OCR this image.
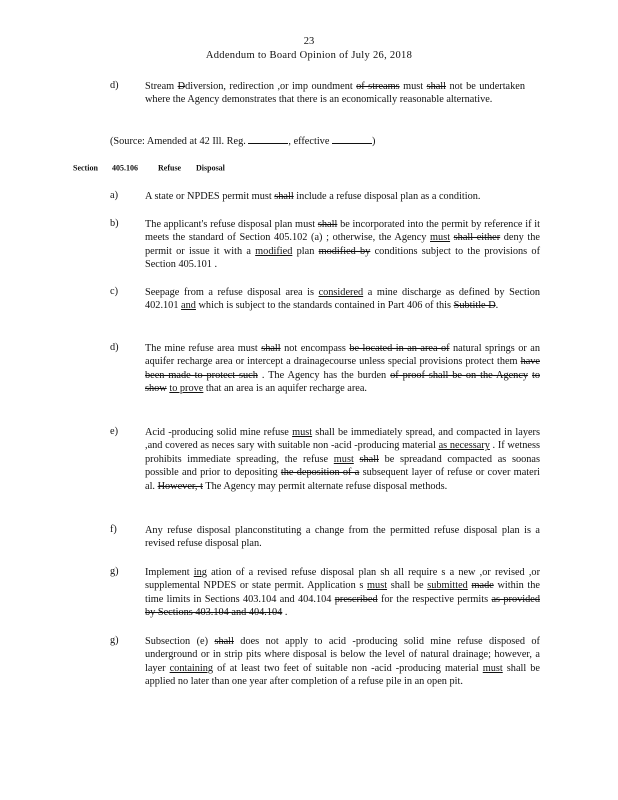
23
Addendum to Board Opinion of July 26, 2018
d)	Stream Ddiversion, redirection ,or imp oundment of streams must shall not be undertaken where the Agency demonstrates that there is an economically reasonable alternative.
(Source: Amended at 42 Ill. Reg.	, effective	)
Section 405.106	Refuse Disposal
a)	A state or NPDES permit must shall include a refuse disposal plan as a condition.
b)	The applicant's refuse disposal plan must shall be incorporated into the permit by reference if it meets the standard of Section 405.102 (a) ; otherwise, the Agency must shall either deny the permit or issue it with a modified plan modified by conditions subject to the provisions of Section 405.101 .
c)	Seepage from a refuse disposal area is considered a mine discharge as defined by Section 402.101 and which is subject to the standards contained in Part 406 of this Subtitle D.
d)	The mine refuse area must shall not encompass be located in an area of natural springs or an aquifer recharge area or intercept a drainagecourse unless special provisions protect them have been made to protect such . The Agency has the burden of proof shall be on the Agency to show to prove that an area is an aquifer recharge area.
e)	Acid -producing solid mine refuse must shall be immediately spread, and compacted in layers ,and covered as neces sary with suitable non -acid -producing material as necessary . If wetness prohibits immediate spreading, the refuse must shall be spreadand compacted as soonas possible and prior to depositing the deposition of a subsequent layer of refuse or cover materi al. However, t The Agency may permit alternate refuse disposal methods.
f)	Any refuse disposal planconstituting a change from the permitted refuse disposal plan is a revised refuse disposal plan.
g)	Implement ing ation of a revised refuse disposal plan sh all require s a new ,or revised ,or supplemental NPDES or state permit. Application s must shall be submitted made within the time limits in Sections 403.104 and 404.104 prescribed for the respective permits as provided by Sections 403.104 and 404.104 .
g)	Subsection (e) shall does not apply to acid -producing solid mine refuse disposed of underground or in strip pits where disposal is below the level of natural drainage; however, a layer containing of at least two feet of suitable non -acid -producing material must shall be applied no later than one year after completion of a refuse pile in an open pit.
